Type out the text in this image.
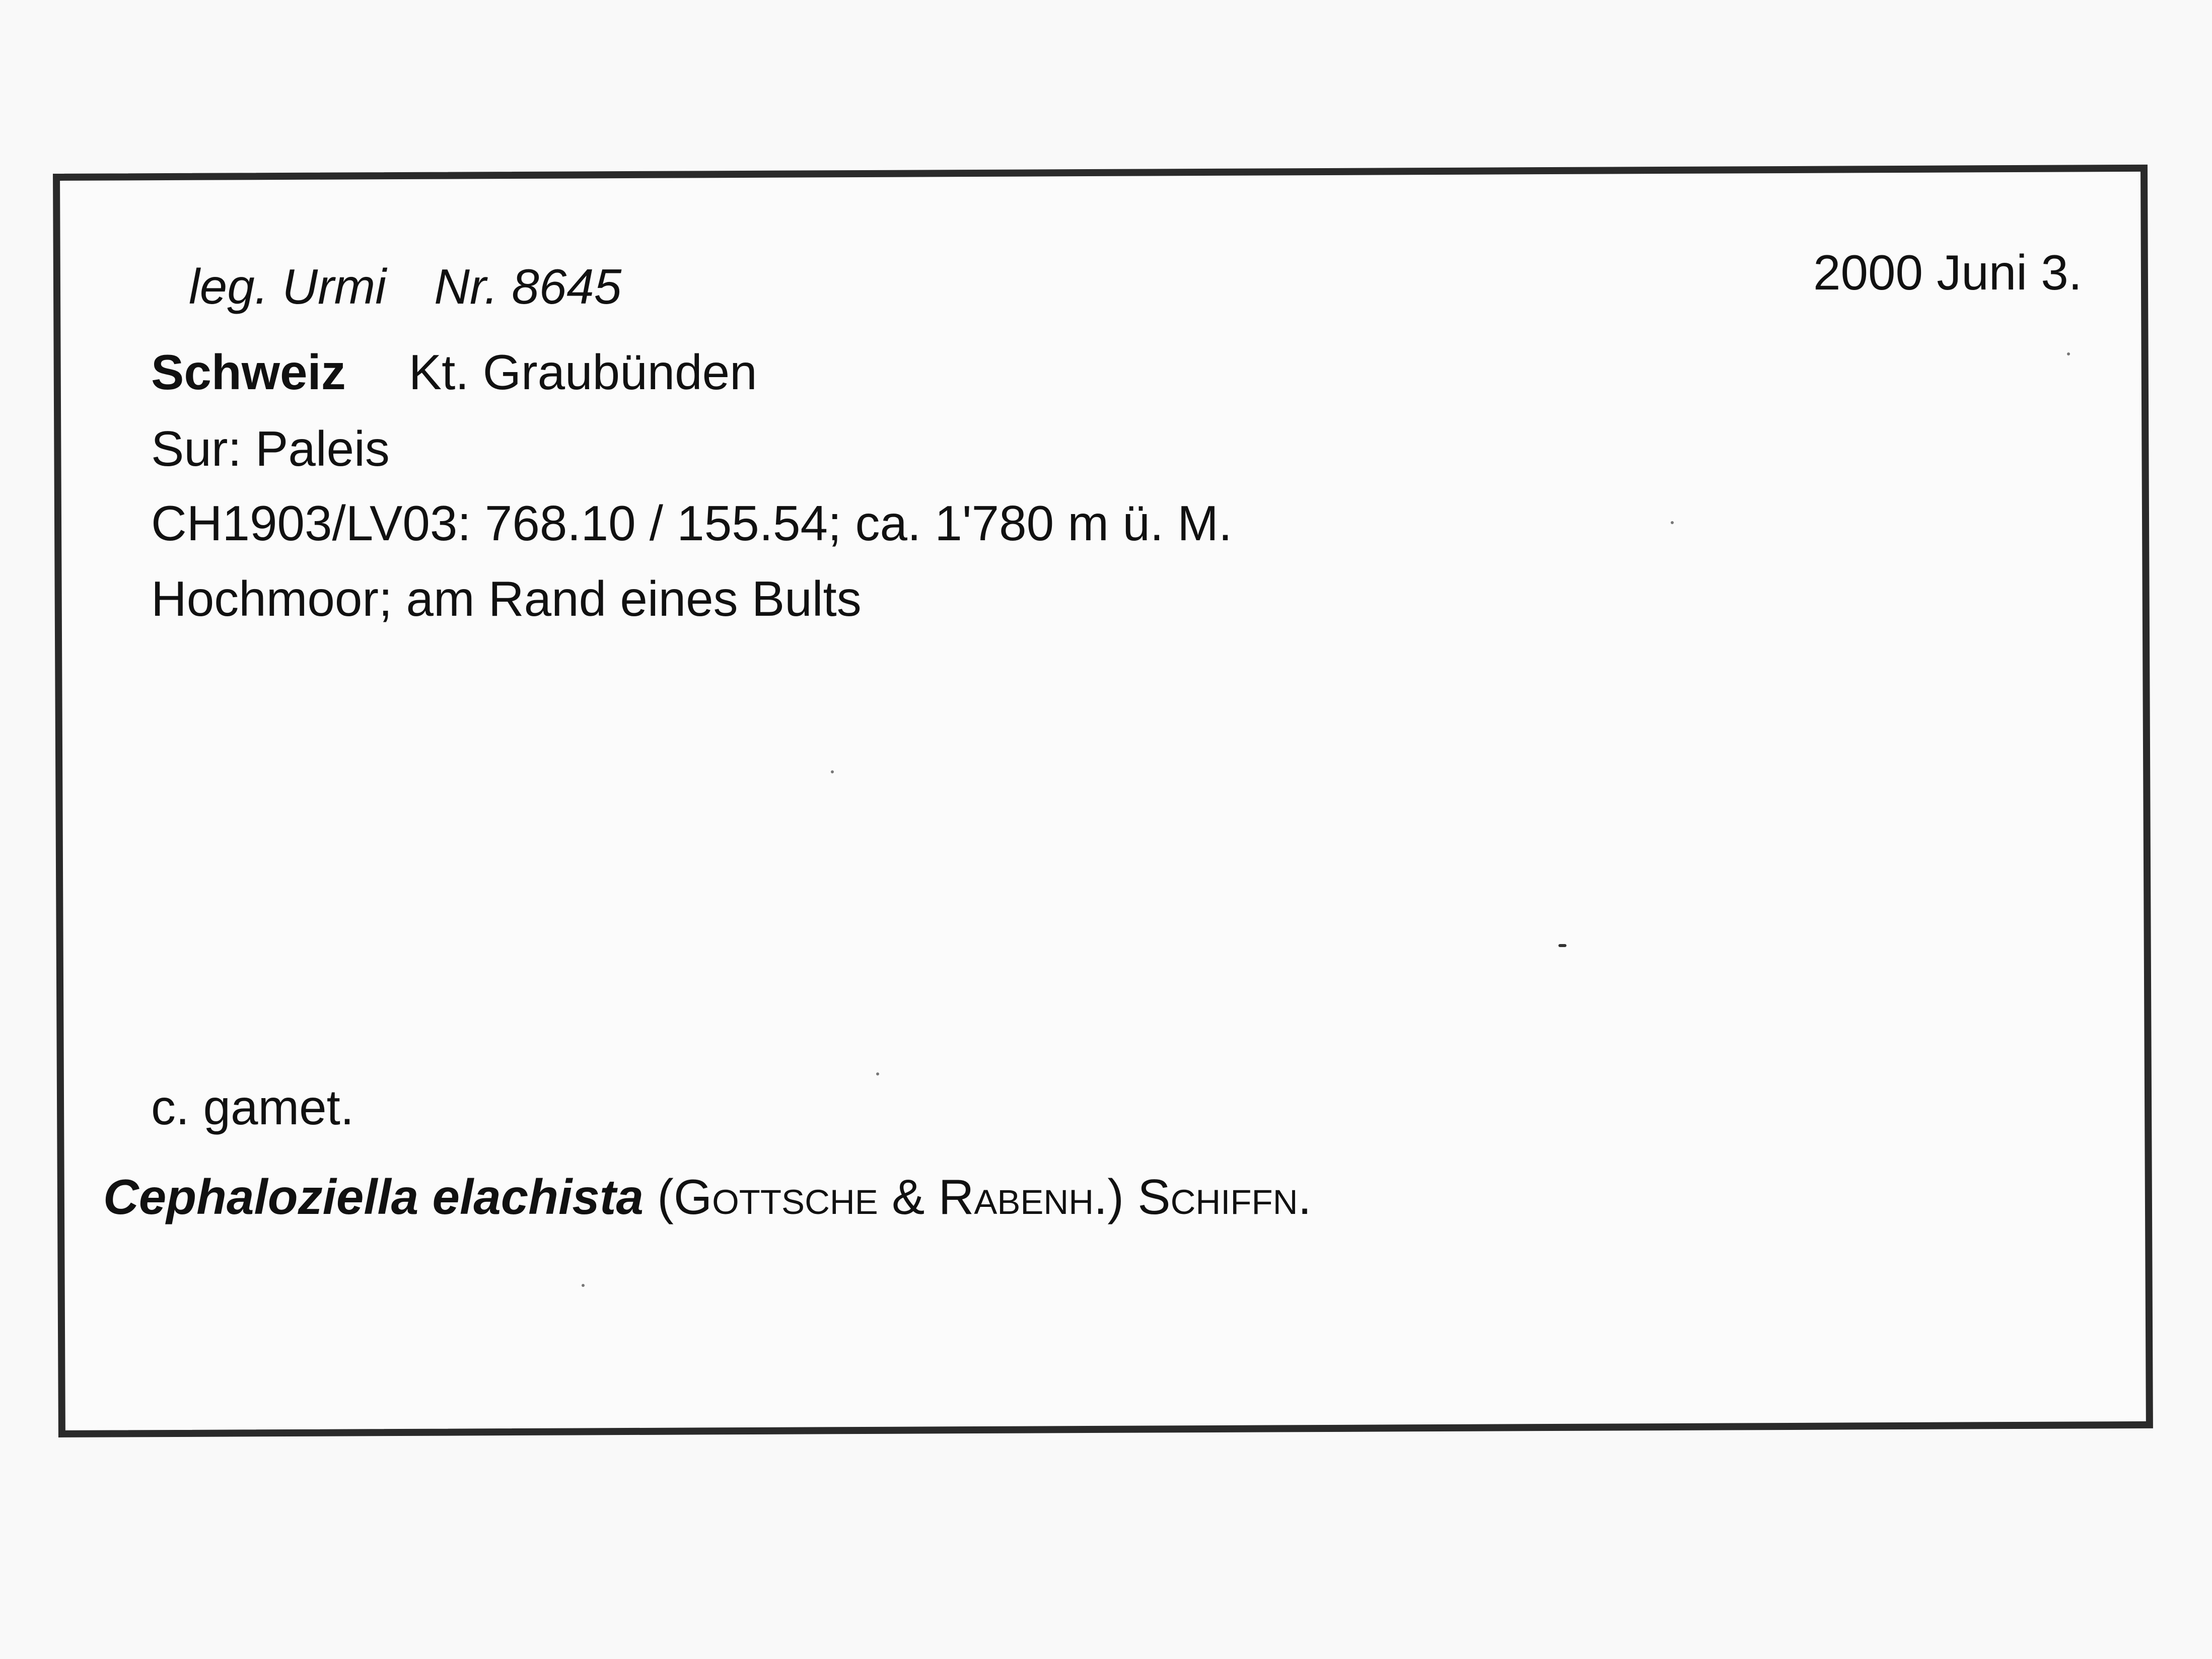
leg. Urmi Nr. 8645	2000 Juni 3.
Schweiz Kt. Graubünden
Sur: Paleis
CH1903/LV03: 768.10 / 155.54; ca. 1'780 m ü. M.
Hochmoor; am Rand eines Bults
c. gamet.
Cephaloziella elachista (Gottsche & Rabenh.) Schiffn.
